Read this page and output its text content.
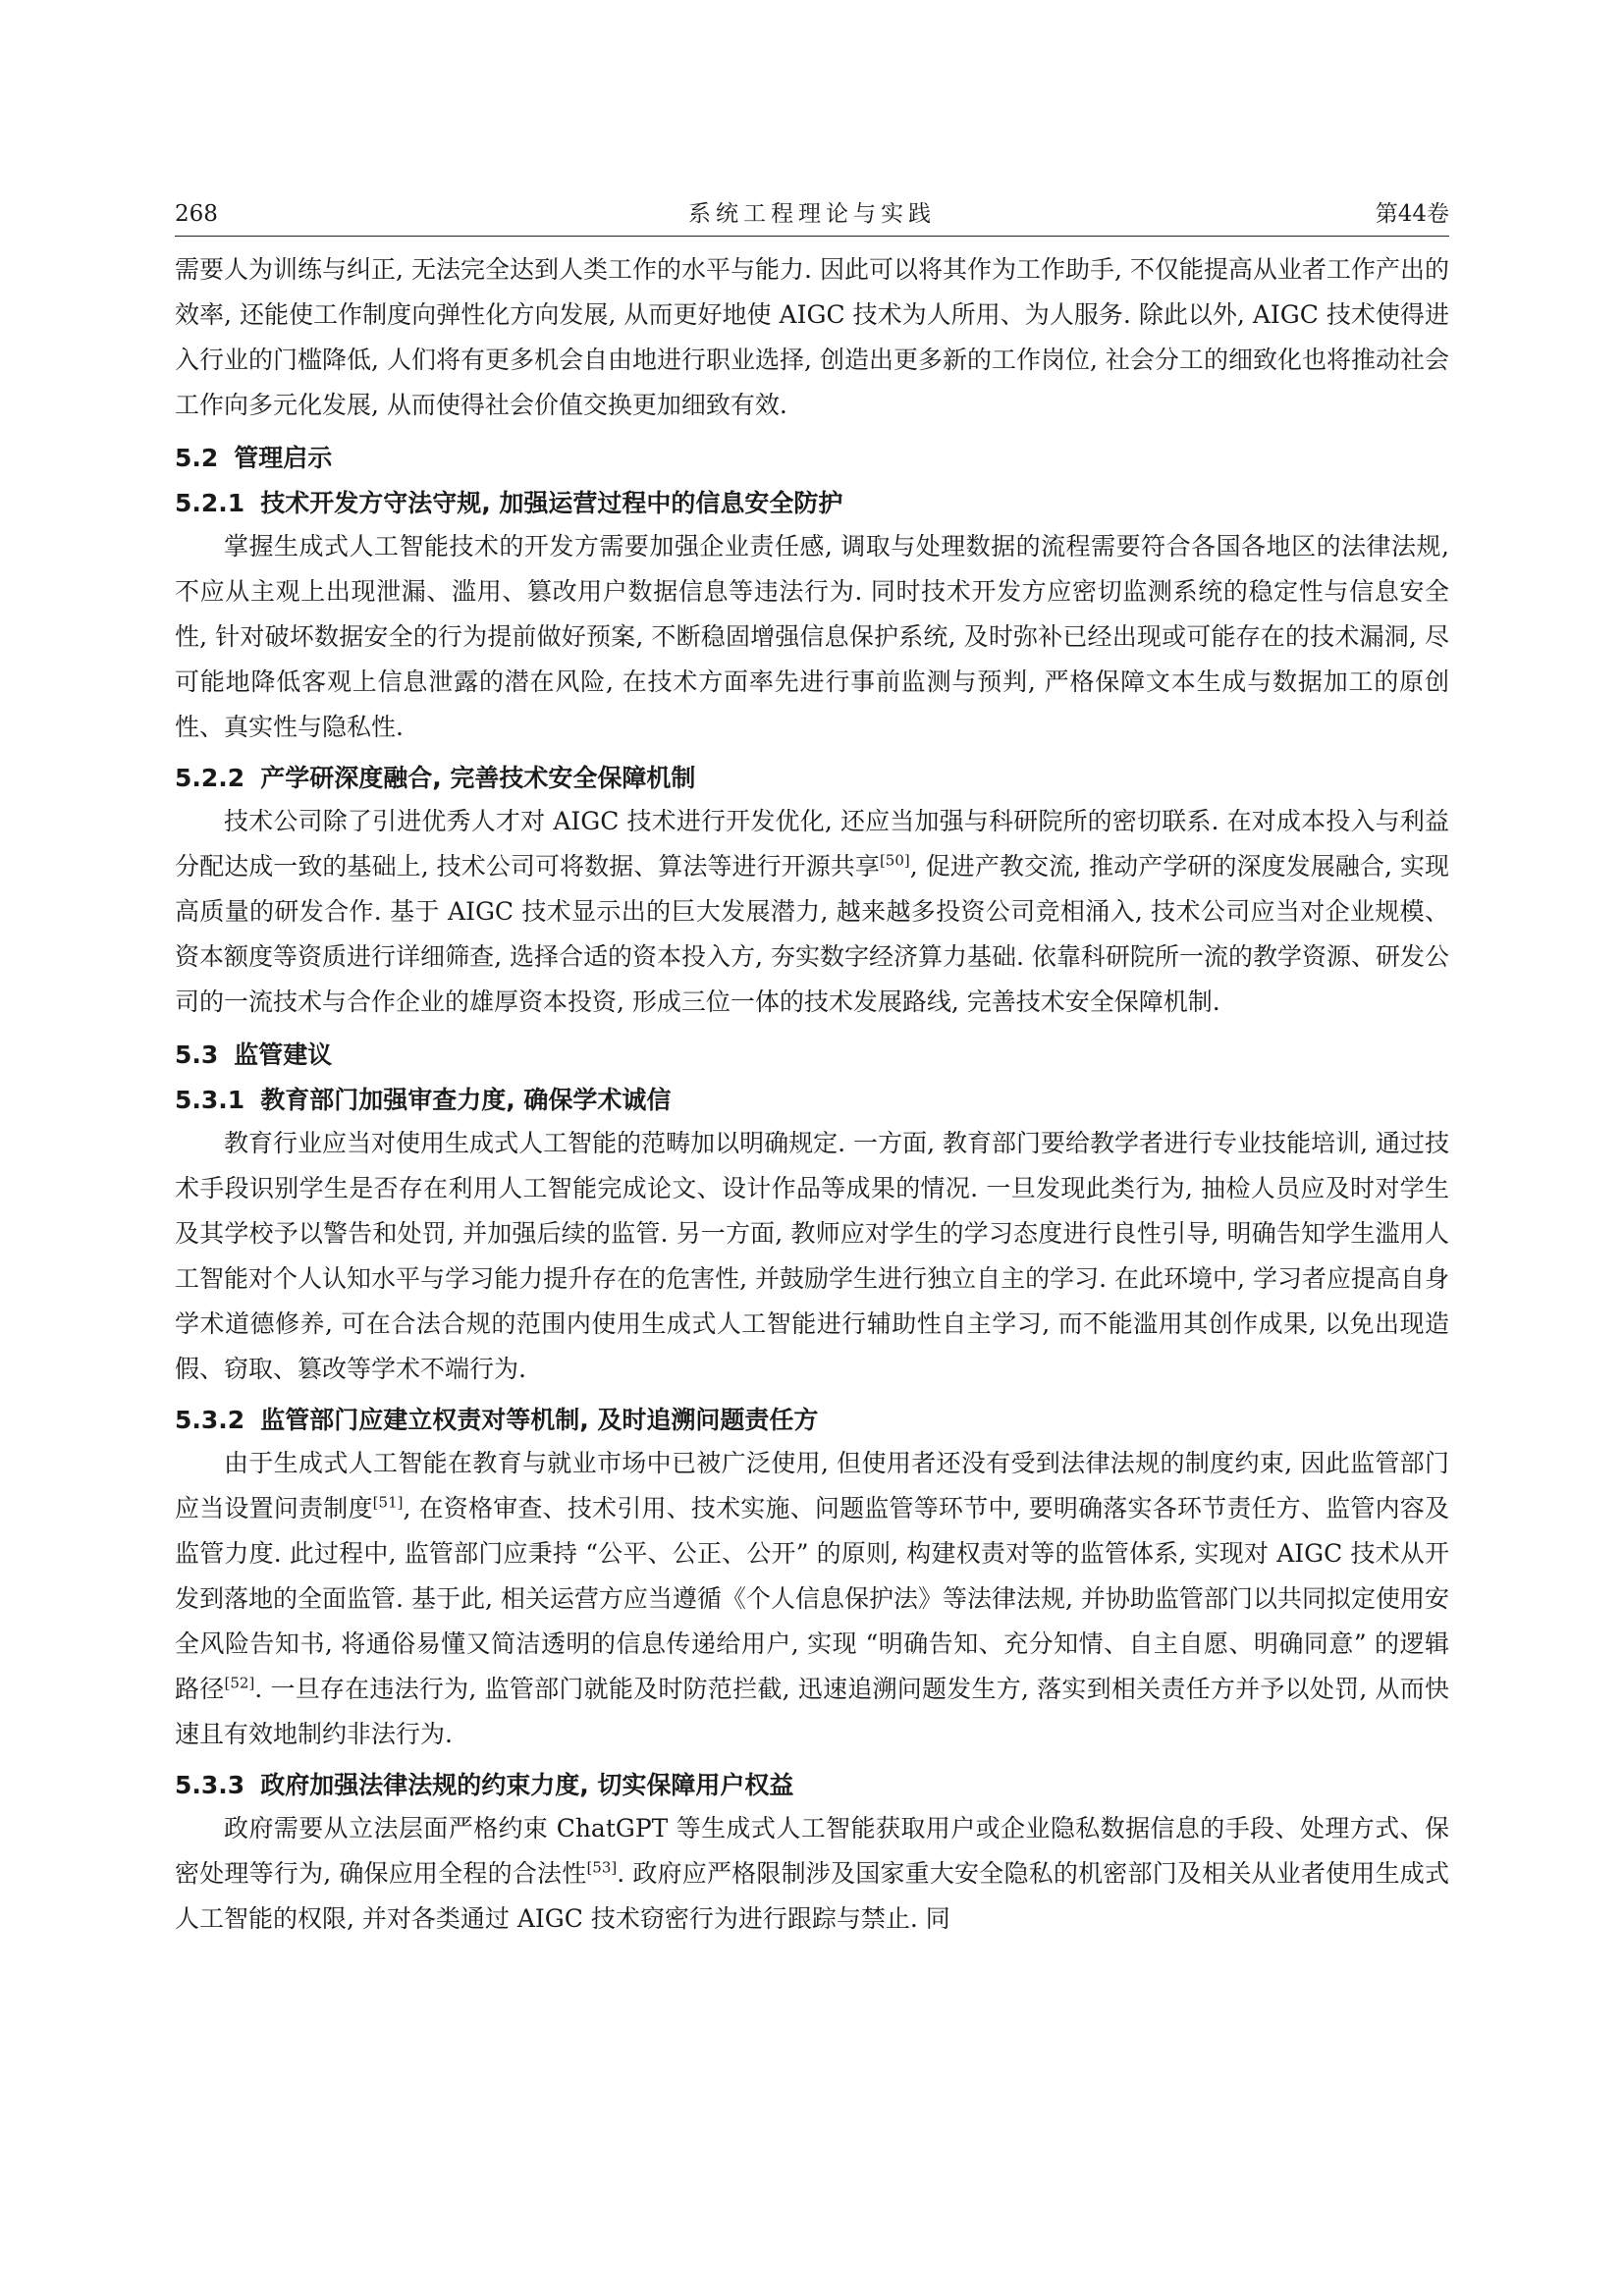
268	系统工程理论与实践	第44卷

需要人为训练与纠正, 无法完全达到人类工作的水平与能力. 因此可以将其作为工作助手, 不仅能提高从业者工作产出的效率, 还能使工作制度向弹性化方向发展, 从而更好地使 AIGC 技术为人所用、为人服务. 除此以外, AIGC 技术使得进入行业的门槛降低, 人们将有更多机会自由地进行职业选择, 创造出更多新的工作岗位, 社会分工的细致化也将推动社会工作向多元化发展, 从而使得社会价值交换更加细致有效.

5.2 管理启示
5.2.1 技术开发方守法守规, 加强运营过程中的信息安全防护

掌握生成式人工智能技术的开发方需要加强企业责任感, 调取与处理数据的流程需要符合各国各地区的法律法规, 不应从主观上出现泄漏、滥用、篡改用户数据信息等违法行为. 同时技术开发方应密切监测系统的稳定性与信息安全性, 针对破坏数据安全的行为提前做好预案, 不断稳固增强信息保护系统, 及时弥补已经出现或可能存在的技术漏洞, 尽可能地降低客观上信息泄露的潜在风险, 在技术方面率先进行事前监测与预判, 严格保障文本生成与数据加工的原创性、真实性与隐私性.

5.2.2 产学研深度融合, 完善技术安全保障机制

技术公司除了引进优秀人才对 AIGC 技术进行开发优化, 还应当加强与科研院所的密切联系. 在对成本投入与利益分配达成一致的基础上, 技术公司可将数据、算法等进行开源共享[50], 促进产教交流, 推动产学研的深度发展融合, 实现高质量的研发合作. 基于 AIGC 技术显示出的巨大发展潜力, 越来越多投资公司竞相涌入, 技术公司应当对企业规模、资本额度等资质进行详细筛查, 选择合适的资本投入方, 夯实数字经济算力基础. 依靠科研院所一流的教学资源、研发公司的一流技术与合作企业的雄厚资本投资, 形成三位一体的技术发展路线, 完善技术安全保障机制.

5.3 监管建议
5.3.1 教育部门加强审查力度, 确保学术诚信

教育行业应当对使用生成式人工智能的范畴加以明确规定. 一方面, 教育部门要给教学者进行专业技能培训, 通过技术手段识别学生是否存在利用人工智能完成论文、设计作品等成果的情况. 一旦发现此类行为, 抽检人员应及时对学生及其学校予以警告和处罚, 并加强后续的监管. 另一方面, 教师应对学生的学习态度进行良性引导, 明确告知学生滥用人工智能对个人认知水平与学习能力提升存在的危害性, 并鼓励学生进行独立自主的学习. 在此环境中, 学习者应提高自身学术道德修养, 可在合法合规的范围内使用生成式人工智能进行辅助性自主学习, 而不能滥用其创作成果, 以免出现造假、窃取、篡改等学术不端行为.

5.3.2 监管部门应建立权责对等机制, 及时追溯问题责任方

由于生成式人工智能在教育与就业市场中已被广泛使用, 但使用者还没有受到法律法规的制度约束, 因此监管部门应当设置问责制度[51], 在资格审查、技术引用、技术实施、问题监管等环节中, 要明确落实各环节责任方、监管内容及监管力度. 此过程中, 监管部门应秉持 “公平、公正、公开” 的原则, 构建权责对等的监管体系, 实现对 AIGC 技术从开发到落地的全面监管. 基于此, 相关运营方应当遵循《个人信息保护法》等法律法规, 并协助监管部门以共同拟定使用安全风险告知书, 将通俗易懂又简洁透明的信息传递给用户, 实现 “明确告知、充分知情、自主自愿、明确同意” 的逻辑路径[52]. 一旦存在违法行为, 监管部门就能及时防范拦截, 迅速追溯问题发生方, 落实到相关责任方并予以处罚, 从而快速且有效地制约非法行为.

5.3.3 政府加强法律法规的约束力度, 切实保障用户权益

政府需要从立法层面严格约束 ChatGPT 等生成式人工智能获取用户或企业隐私数据信息的手段、处理方式、保密处理等行为, 确保应用全程的合法性[53]. 政府应严格限制涉及国家重大安全隐私的机密部门及相关从业者使用生成式人工智能的权限, 并对各类通过 AIGC 技术窃密行为进行跟踪与禁止. 同
